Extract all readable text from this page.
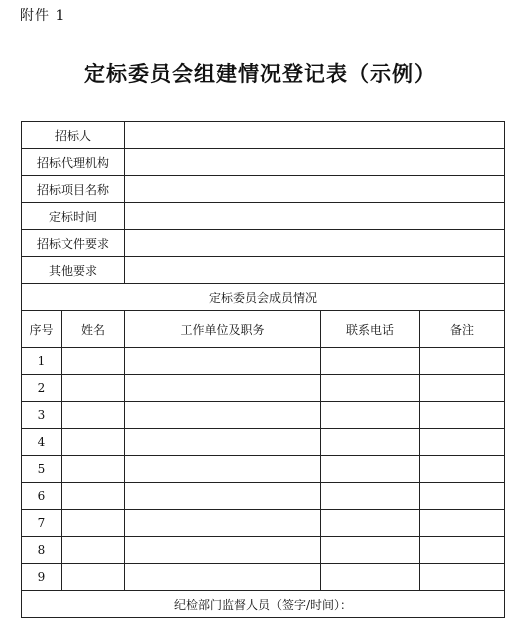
附件 1
定标委员会组建情况登记表（示例）
招标人				
招标代理机构				
招标项目名称				
定标时间				
招标文件要求				
其他要求				
定标委员会成员情况				
序号	姓名	工作单位及职务	联系电话	备注
1				
2				
3				
4				
5				
6				
7				
8				
9				
纪检部门监督人员（签字/时间）：				
